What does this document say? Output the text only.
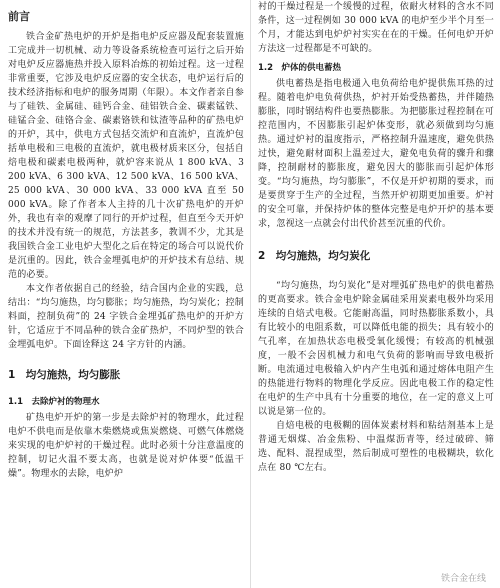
前言

铁合金矿热电炉的开炉是指电炉反应器及配套装置施工完成并一切机械、动力等设备系统检查可运行之后开始对电炉反应器施热并投入原料冶炼的初始过程。这一过程非常重要，它涉及电炉反应器的安全状态，电炉运行后的技术经济指标和电炉的服务周期（年限）。本文作者亲自参与了硅铁、金属硅、硅钙合金、硅铝铁合金、碳素锰铁、硅锰合金、硅铬合金、碳素铬铁和钛渣等品种的矿热电炉的开炉，其中，供电方式包括交流炉和直流炉，直流炉包括单电极和三电极的直流炉，就电极材质来区分，包括自焙电极和碳素电极两种，就炉容来说从 1 800 kVA、3 200 kVA、6 300 kVA、12 500 kVA、16 500 kVA、25 000 kVA、30 000 kVA、33 000 kVA 直至 50 000 kVA。除了作者本人主持的几十次矿热电炉的开炉外，我也有幸的观摩了同行的开炉过程，但直至今天开炉的技术并没有统一的规范，方法甚多，教训不少，尤其是我国铁合金工业电炉大型化之后在特定的场合可以说代价是沉重的。因此，铁合金埋弧电炉的开炉技术有总结、规范的必要。

本文作者依据自己的经验，结合国内企业的实践，总结出：“均匀施热，均匀膨胀；均匀施热，均匀炭化；控制料面，控制负荷”的 24 字铁合金埋弧矿热电炉的开炉方针，它适应于不同品种的铁合金矿热炉，不同炉型的铁合金埋弧电炉。下面诠释这 24 字方针的内涵。

1　均匀施热，均匀膨胀
1.1　去除炉衬的物理水

矿热电炉开炉的第一步是去除炉衬的物理水，此过程电炉不供电而是依靠木柴燃烧或焦炭燃烧、可燃气体燃烧来实现的电炉炉衬的干燥过程。此时必须十分注意温度的控制，切记火温不要太高，也就是说对炉体要“低温干燥”。物理水的去除，电炉炉

衬的干燥过程是一个缓慢的过程，依耐火材料的含水不同条件，这一过程例如 30 000 kVA 的电炉至少半个月至一个月，才能达到电炉炉衬实实在在的干燥。任何电炉开炉方法这一过程都是不可缺的。

1.2　炉体的供电蓄热

供电蓄热是指电极通入电负荷给电炉提供焦耳热的过程。随着电炉电负荷供热，炉衬开始受热蓄热，并伴随热膨胀，同时钢结构件也要热膨胀。为把膨胀过程控制在可控范围内，不因膨胀引起炉体变形，就必须做到均匀施热。通过炉衬的温度指示，严格控制升温速度，避免供热过快，避免耐材面积上温差过大，避免电负荷的骤升和骤降，控制耐材的膨胀度，避免因大的膨胀而引起炉体形变。“均匀施热，均匀膨胀”，不仅是开炉初期的要求，而是要贯穿于生产的全过程，当然开炉初期更加重要。炉衬的安全可靠，并保持炉体的整体完整是电炉开炉的基本要求，忽视这一点就会付出代价甚至沉重的代价。

2　均匀施热，均匀炭化

“均匀施热，均匀炭化”是对埋弧矿热电炉的供电蓄热的更高要求。铁合金电炉除金属硅采用炭素电极外均采用连续的自焙式电极。它能耐高温，同时热膨胀系数小，具有比较小的电阻系数，可以降低电能的损失；具有较小的气孔率，在加热状态电极受氧化缓慢；有较高的机械强度，一般不会因机械力和电气负荷的影响而导致电极折断。电流通过电极输入炉内产生电弧和通过熔体电阻产生的热能进行物料的物理化学反应。因此电极工作的稳定性在电炉的生产中具有十分重要的地位，在一定的意义上可以说是第一位的。

自焙电极的电极糊的固体炭素材料和粘结剂基本上是普通无烟煤、冶金焦粉、中温煤沥青等，经过破碎、筛选、配料、混捏成型，然后制成可塑性的电极糊块，软化点在 80 ℃左右。

铁合金在线
